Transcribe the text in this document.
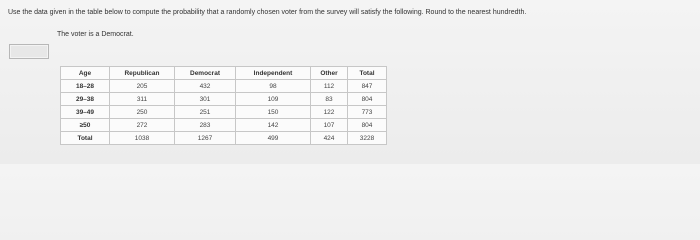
Use the data given in the table below to compute the probability that a randomly chosen voter from the survey will satisfy the following. Round to the nearest hundredth.
The voter is a Democrat.
Age	Republican	Democrat	Independent	Other	Total
18–28	205	432	98	112	847
29–38	311	301	109	83	804
39–49	250	251	150	122	773
≥50	272	283	142	107	804
Total	1038	1267	499	424	3228
